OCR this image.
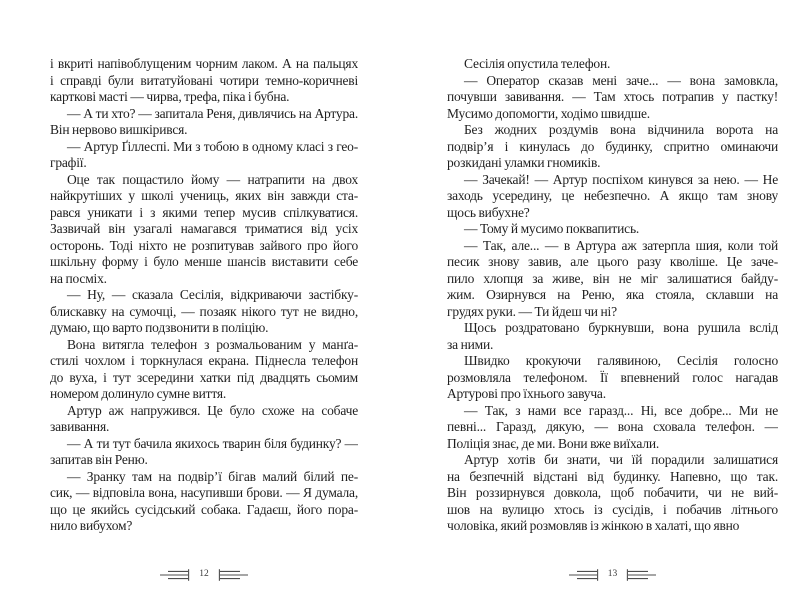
і вкриті напівоблущеним чорним лаком. А на пальцях
і справді були витатуйовані чотири темно-коричневі
карткові масті — чирва, трефа, піка і бубна.
— А ти хто? — запитала Реня, дивлячись на Артура.
Він нервово вишкірився.
— Артур Ґіллеспі. Ми з тобою в одному класі з гео-
графії.
Оце так пощастило йому — натрапити на двох
найкрутіших у школі учениць, яких він завжди ста-
рався уникати і з якими тепер мусив спілкуватися.
Зазвичай він узагалі намагався триматися від усіх
осторонь. Тоді ніхто не розпитував зайвого про його
шкільну форму і було менше шансів виставити себе
на посміх.
— Ну, — сказала Сесілія, відкриваючи застібку-
блискавку на сумочці, — позаяк нікого тут не видно,
думаю, що варто подзвонити в поліцію.
Вона витягла телефон з розмальованим у манґа-
стилі чохлом і торкнулася екрана. Піднесла телефон
до вуха, і тут зсередини хатки під двадцять сьомим
номером долинуло сумне виття.
Артур аж напружився. Це було схоже на собаче
завивання.
— А ти тут бачила якихось тварин біля будинку? —
запитав він Реню.
— Зранку там на подвір’ї бігав малий білий пе-
сик, — відповіла вона, насупивши брови. — Я думала,
що це якийсь сусідський собака. Гадаєш, його пора-
нило вибухом?
12
Сесілія опустила телефон.
— Оператор сказав мені заче... — вона замовкла,
почувши завивання. — Там хтось потрапив у пастку!
Мусимо допомогти, ходімо швидше.
Без жодних роздумів вона відчинила ворота на
подвір’я і кинулась до будинку, спритно оминаючи
розкидані уламки гномиків.
— Зачекай! — Артур поспіхом кинувся за нею. — Не
заходь усередину, це небезпечно. А якщо там знову
щось вибухне?
— Тому й мусимо поквапитись.
— Так, але... — в Артура аж затерпла шия, коли той
песик знову завив, але цього разу кволіше. Це заче-
пило хлопця за живе, він не міг залишатися байду-
жим. Озирнувся на Реню, яка стояла, склавши на
грудях руки. — Ти йдеш чи ні?
Щось роздратовано буркнувши, вона рушила вслід
за ними.
Швидко крокуючи галявиною, Сесілія голосно
розмовляла телефоном. Її впевнений голос нагадав
Артурові про їхнього завуча.
— Так, з нами все гаразд... Ні, все добре... Ми не
певні... Гаразд, дякую, — вона сховала телефон. —
Поліція знає, де ми. Вони вже виїхали.
Артур хотів би знати, чи їй порадили залишатися
на безпечній відстані від будинку. Напевно, що так.
Він роззирнувся довкола, щоб побачити, чи не вий-
шов на вулицю хтось із сусідів, і побачив літнього
чоловіка, який розмовляв із жінкою в халаті, що явно
13
